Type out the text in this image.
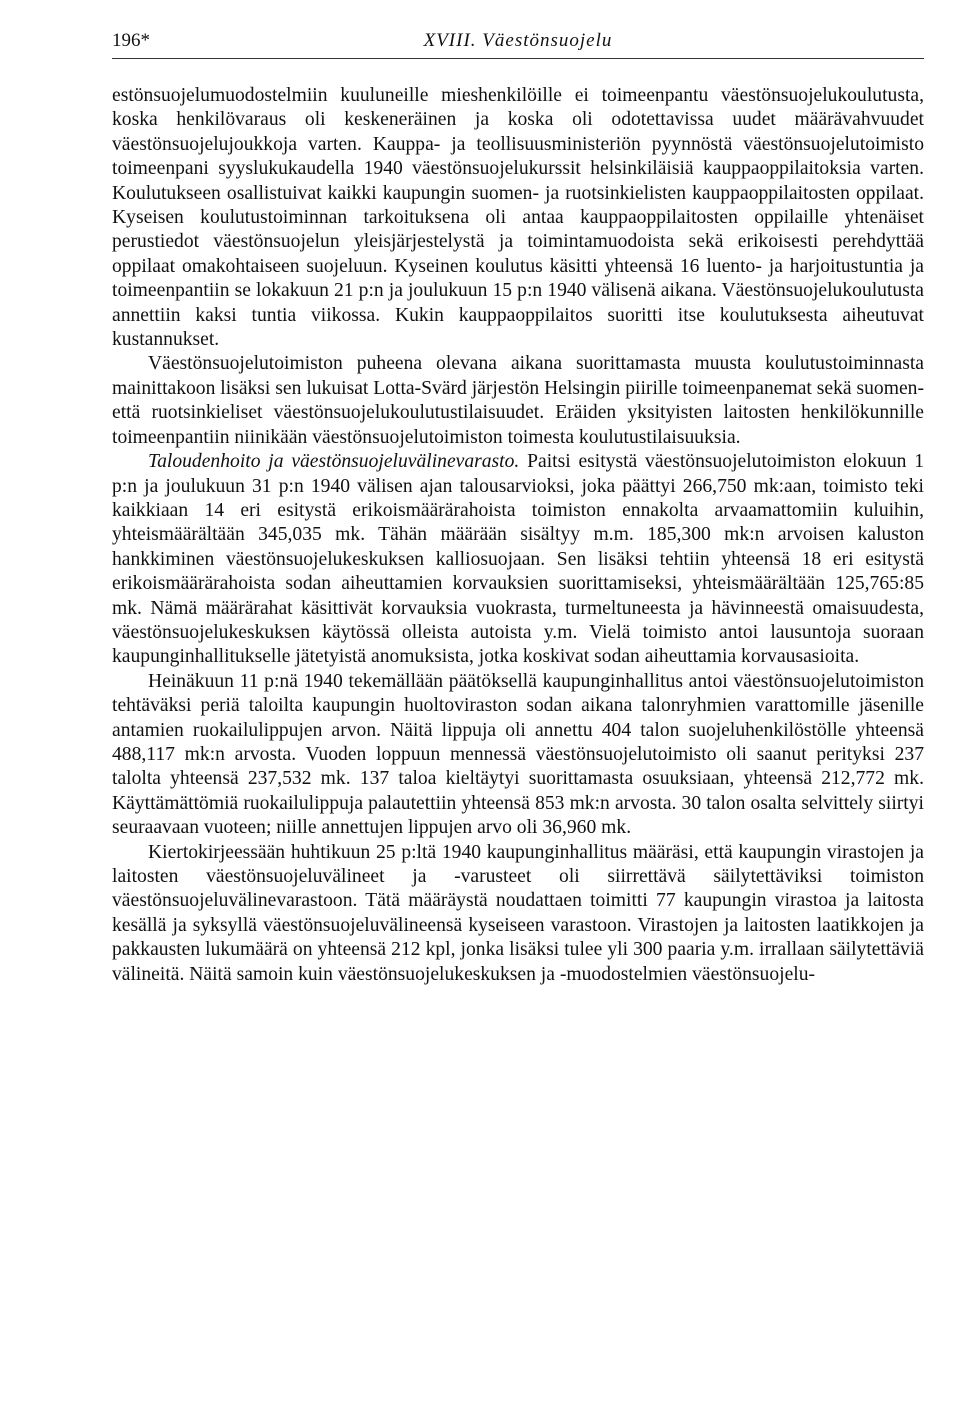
196*	XVIII. Väestönsuojelu

estönsuojelumuodostelmiin kuuluneille mieshenkilöille ei toimeenpantu väestönsuojelukoulutusta, koska henkilövaraus oli keskeneräinen ja koska oli odotettavissa uudet määrävahvuudet väestönsuojelujoukkoja varten. Kauppa- ja teollisuusministeriön pyynnöstä väestönsuojelutoimisto toimeenpani syyslukukaudella 1940 väestönsuojelukurssit helsinkiläisiä kauppaoppilaitoksia varten. Koulutukseen osallistuivat kaikki kaupungin suomen- ja ruotsinkielisten kauppaoppilaitosten oppilaat. Kyseisen koulutustoiminnan tarkoituksena oli antaa kauppaoppilaitosten oppilaille yhtenäiset perustiedot väestönsuojelun yleisjärjestelystä ja toimintamuodoista sekä erikoisesti perehdyttää oppilaat omakohtaiseen suojeluun. Kyseinen koulutus käsitti yhteensä 16 luento- ja harjoitustuntia ja toimeenpantiin se lokakuun 21 p:n ja joulukuun 15 p:n 1940 välisenä aikana. Väestönsuojelukoulutusta annettiin kaksi tuntia viikossa. Kukin kauppaoppilaitos suoritti itse koulutuksesta aiheutuvat kustannukset.

Väestönsuojelutoimiston puheena olevana aikana suorittamasta muusta koulutustoiminnasta mainittakoon lisäksi sen lukuisat Lotta-Svärd järjestön Helsingin piirille toimeenpanemat sekä suomen- että ruotsinkieliset väestönsuojelukoulutustilaisuudet. Eräiden yksityisten laitosten henkilökunnille toimeenpantiin niinikään väestönsuojelutoimiston toimesta koulutustilaisuuksia.

Taloudenhoito ja väestönsuojeluvälinevarasto. Paitsi esitystä väestönsuojelutoimiston elokuun 1 p:n ja joulukuun 31 p:n 1940 välisen ajan talousarvioksi, joka päättyi 266,750 mk:aan, toimisto teki kaikkiaan 14 eri esitystä erikoismäärärahoista toimiston ennakolta arvaamattomiin kuluihin, yhteismäärältään 345,035 mk. Tähän määrään sisältyy m.m. 185,300 mk:n arvoisen kaluston hankkiminen väestönsuojelukeskuksen kalliosuojaan. Sen lisäksi tehtiin yhteensä 18 eri esitystä erikoismäärärahoista sodan aiheuttamien korvauksien suorittamiseksi, yhteismäärältään 125,765:85 mk. Nämä määrärahat käsittivät korvauksia vuokrasta, turmeltuneesta ja hävinneestä omaisuudesta, väestönsuojelukeskuksen käytössä olleista autoista y.m. Vielä toimisto antoi lausuntoja suoraan kaupunginhallitukselle jätetyistä anomuksista, jotka koskivat sodan aiheuttamia korvausasioita.

Heinäkuun 11 p:nä 1940 tekemällään päätöksellä kaupunginhallitus antoi väestönsuojelutoimiston tehtäväksi periä taloilta kaupungin huoltoviraston sodan aikana talonryhmien varattomille jäsenille antamien ruokailulippujen arvon. Näitä lippuja oli annettu 404 talon suojeluhenkilöstölle yhteensä 488,117 mk:n arvosta. Vuoden loppuun mennessä väestönsuojelutoimisto oli saanut perityksi 237 talolta yhteensä 237,532 mk. 137 taloa kieltäytyi suorittamasta osuuksiaan, yhteensä 212,772 mk. Käyttämättömiä ruokailulippuja palautettiin yhteensä 853 mk:n arvosta. 30 talon osalta selvittely siirtyi seuraavaan vuoteen; niille annettujen lippujen arvo oli 36,960 mk.

Kiertokirjeessään huhtikuun 25 p:ltä 1940 kaupunginhallitus määräsi, että kaupungin virastojen ja laitosten väestönsuojeluvälineet ja -varusteet oli siirrettävä säilytettäviksi toimiston väestönsuojeluvälinevarastoon. Tätä määräystä noudattaen toimitti 77 kaupungin virastoa ja laitosta kesällä ja syksyllä väestönsuojeluvälineensä kyseiseen varastoon. Virastojen ja laitosten laatikkojen ja pakkausten lukumäärä on yhteensä 212 kpl, jonka lisäksi tulee yli 300 paaria y.m. irrallaan säilytettäviä välineitä. Näitä samoin kuin väestönsuojelukeskuksen ja -muodostelmien väestönsuojelu-
